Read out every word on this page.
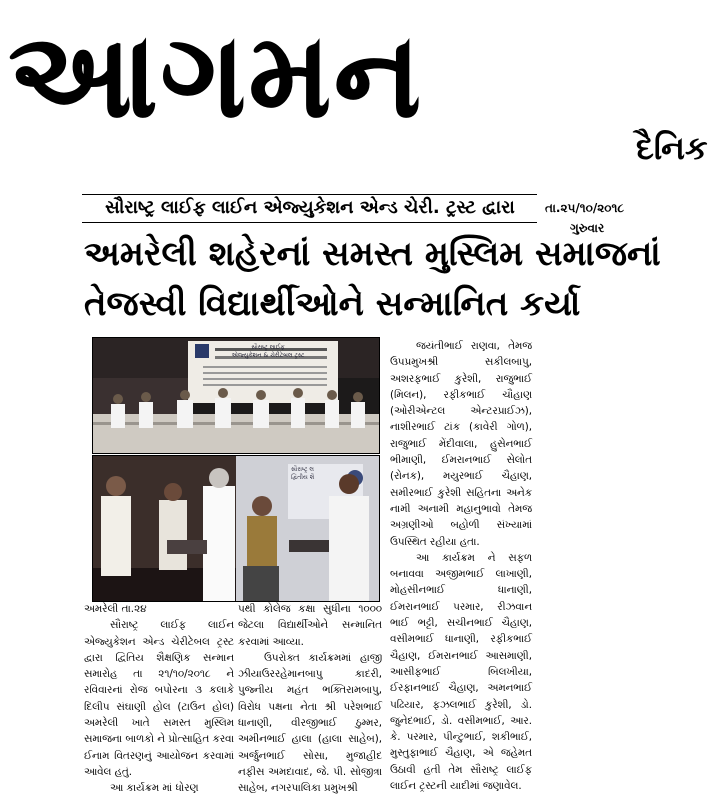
આગમન
દૈનિક
સૌરાષ્ટ્ર લાઈફ લાઈન એજ્યુકેશન એન્ડ ચેરી. ટ્રસ્ટ દ્વારા	તા.૨૫/૧૦/૨૦૧૮
ગુરુવાર
અમરેલી શહેરનાં સમસ્ત મુસ્લિમ સમાજનાં
તેજસ્વી વિદ્યાર્થીઓને સન્માનિત કર્યા
સૌરાષ્ટ્ર લાઈફ
એજ્યુકેશન & ચેરીટેબલ ટ્રસ્ટ
સૌરાષ્ટ્ર લ
દ્વિતીય શૈ

જયંતીભાઈ રાણવા, તેમજ ઉપપ્રમુખશ્રી સકીલબાપુ, અશરફભાઈ કુરેશી, રાજુભાઈ (મિલન), રફીકભાઈ ચૌહાણ (ઓરીએન્ટલ એન્ટરપ્રાઈઝ), નાશીરભાઈ ટાંક (કાવેરી ગોળ), રાજુભાઈ મેંદીવાલા, હુસેનભાઈ ભીમાણી, ઈમરાનભાઈ સેલોત (રોનક), મયુરભાઈ ચૈહાણ, સમીરભાઈ કુરેશી સહિતના અનેક નામી અનામી મહાનુભાવો તેમજ અગ્રણીઓ બહોળી સંખ્યામાં ઉપસ્થિત રહીયા હતા.

આ કાર્યક્રમ ને સફળ બનાવવા અજીમભાઈ લાખાણી, મોહસીનભાઈ ધાનાણી, ઈમરાનભાઈ પરમાર, રીઝવાન ભાઈ ભટ્ટી, સચીનભાઈ ચૈહાણ, વસીમભાઈ ધાનાણી, રફીકભાઈ ચૈહાણ, ઈમરાનભાઈ આસમાણી, આસીફભાઈ બિલખીયા, ઈરફાનભાઈ ચૈહાણ, અમનભાઈ પઢિયાર, ફઝલભાઈ કુરેશી, ડો. જુનેદભાઈ, ડો. વસીમભાઈ, આર. કે. પરમાર, પીન્ટુભાઈ, શકીભાઈ, મુસ્તુફાભાઈ ચૈહાણ, એ જહેમત ઉઠાવી હતી તેમ સૌરાષ્ટ્ર લાઈફ લાઈન ટ્રસ્ટની યાદીમાં જણાવેલ.

અમરેલી તા.૨૪

સૌરાષ્ટ્ર લાઈફ લાઈન એજ્યુકેશન એન્ડ ચેરીટેબલ ટ્રસ્ટ દ્વારા દ્વિતિય શૈક્ષણિક સન્માન સમારોહ તા ૨૧/૧૦/૨૦૧૮ ને રવિવારનાં રોજ બપોરના ૩ કલાકે દિલીપ સંઘાણી હોલ (ટાઉન હોલ) અમરેલી ખાતે સમસ્ત મુસ્લિમ સમાજના બાળકો ને પ્રોત્સાહિત કરવા ઈનામ વિતરણનું આયોજન કરવામાં આવેલ હતું.

આ કાર્યક્રમ માં ધોરણ

પથી કોલેજ કક્ષા સુધીના ૧૦૦૦ જેટલા વિદ્યાર્થીઓને સન્માનિત કરવામાં આવ્યા.

ઉપરોક્ત કાર્યક્રમમાં હાજી ઝીયાઉરરહેમાનબાપુ કાદરી, પુજ્નીય મહંત ભક્તિરામબાપુ, વિરોધ પક્ષના નેતા શ્રી પરેશભાઈ ધાનાણી, વીરજીભાઈ ઠુમ્મર, અમીનભાઈ હાલા (હાલા સાહેબ), અર્જુનભાઈ સોસા, મુજાહીદ નફીસ અમદાવાદ, જે. પી. સોજીત્રા સાહેબ, નગરપાલિકા પ્રમુખશ્રી
